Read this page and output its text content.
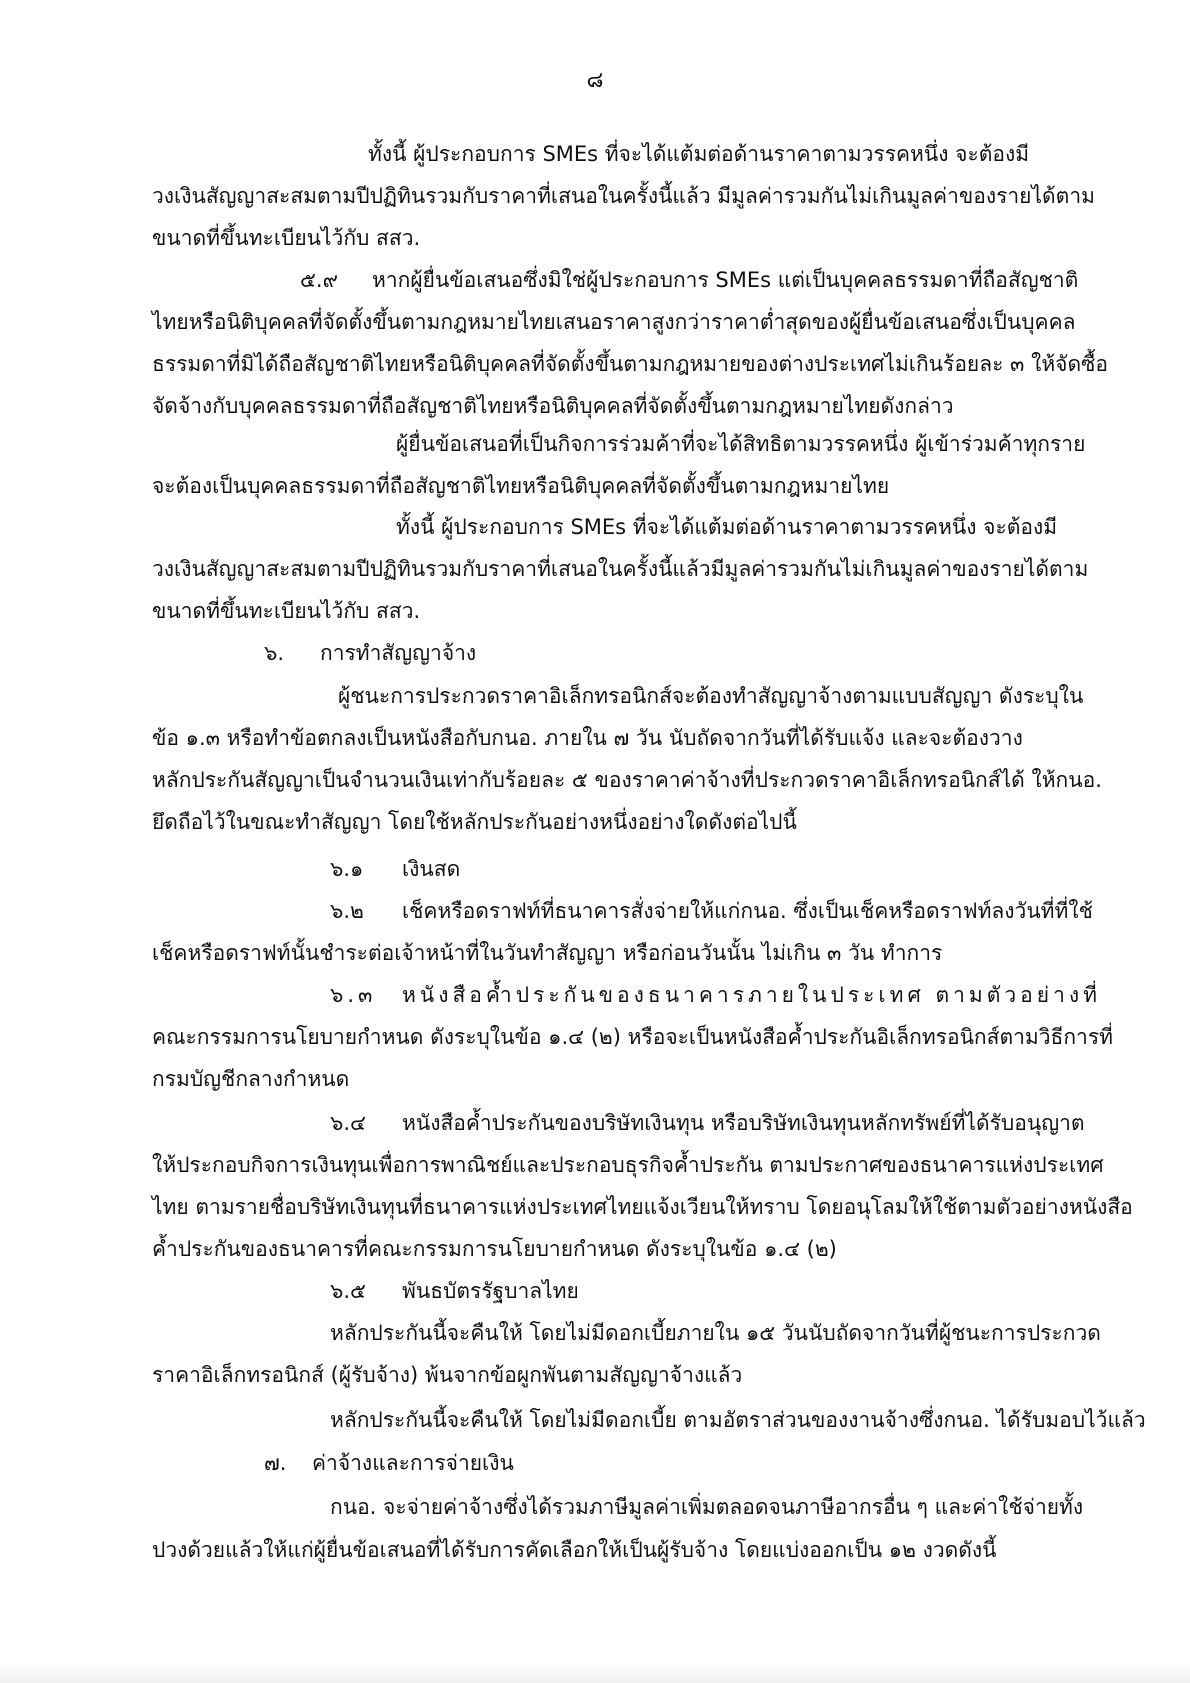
๘
ทั้งนี้ ผู้ประกอบการ SMEs ที่จะได้แต้มต่อด้านราคาตามวรรคหนึ่ง จะต้องมี
วงเงินสัญญาสะสมตามปีปฏิทินรวมกับราคาที่เสนอในครั้งนี้แล้ว มีมูลค่ารวมกันไม่เกินมูลค่าของรายได้ตาม
ขนาดที่ขึ้นทะเบียนไว้กับ สสว.
๕.๙ หากผู้ยื่นข้อเสนอซึ่งมิใช่ผู้ประกอบการ SMEs แต่เป็นบุคคลธรรมดาที่ถือสัญชาติ
ไทยหรือนิติบุคคลที่จัดตั้งขึ้นตามกฎหมายไทยเสนอราคาสูงกว่าราคาต่ำสุดของผู้ยื่นข้อเสนอซึ่งเป็นบุคคล
ธรรมดาที่มิได้ถือสัญชาติไทยหรือนิติบุคคลที่จัดตั้งขึ้นตามกฎหมายของต่างประเทศไม่เกินร้อยละ ๓ ให้จัดซื้อ
จัดจ้างกับบุคคลธรรมดาที่ถือสัญชาติไทยหรือนิติบุคคลที่จัดตั้งขึ้นตามกฎหมายไทยดังกล่าว
ผู้ยื่นข้อเสนอที่เป็นกิจการร่วมค้าที่จะได้สิทธิตามวรรคหนึ่ง ผู้เข้าร่วมค้าทุกราย
จะต้องเป็นบุคคลธรรมดาที่ถือสัญชาติไทยหรือนิติบุคคลที่จัดตั้งขึ้นตามกฎหมายไทย
ทั้งนี้ ผู้ประกอบการ SMEs ที่จะได้แต้มต่อด้านราคาตามวรรคหนึ่ง จะต้องมี
วงเงินสัญญาสะสมตามปีปฏิทินรวมกับราคาที่เสนอในครั้งนี้แล้วมีมูลค่ารวมกันไม่เกินมูลค่าของรายได้ตาม
ขนาดที่ขึ้นทะเบียนไว้กับ สสว.
๖. การทำสัญญาจ้าง
ผู้ชนะการประกวดราคาอิเล็กทรอนิกส์จะต้องทำสัญญาจ้างตามแบบสัญญา ดังระบุใน
ข้อ ๑.๓ หรือทำข้อตกลงเป็นหนังสือกับกนอ. ภายใน ๗ วัน นับถัดจากวันที่ได้รับแจ้ง และจะต้องวาง
หลักประกันสัญญาเป็นจำนวนเงินเท่ากับร้อยละ ๕ ของราคาค่าจ้างที่ประกวดราคาอิเล็กทรอนิกส์ได้ ให้กนอ.
ยึดถือไว้ในขณะทำสัญญา โดยใช้หลักประกันอย่างหนึ่งอย่างใดดังต่อไปนี้
๖.๑ เงินสด
๖.๒ เช็คหรือดราฟท์ที่ธนาคารสั่งจ่ายให้แก่กนอ. ซึ่งเป็นเช็คหรือดราฟท์ลงวันที่ที่ใช้
เช็คหรือดราฟท์นั้นชำระต่อเจ้าหน้าที่ในวันทำสัญญา หรือก่อนวันนั้น ไม่เกิน ๓ วัน ทำการ
๖.๓ หนังสือค้ำประกันของธนาคารภายในประเทศ ตามตัวอย่างที่
คณะกรรมการนโยบายกำหนด ดังระบุในข้อ ๑.๔ (๒) หรือจะเป็นหนังสือค้ำประกันอิเล็กทรอนิกส์ตามวิธีการที่
กรมบัญชีกลางกำหนด
๖.๔ หนังสือค้ำประกันของบริษัทเงินทุน หรือบริษัทเงินทุนหลักทรัพย์ที่ได้รับอนุญาต
ให้ประกอบกิจการเงินทุนเพื่อการพาณิชย์และประกอบธุรกิจค้ำประกัน ตามประกาศของธนาคารแห่งประเทศ
ไทย ตามรายชื่อบริษัทเงินทุนที่ธนาคารแห่งประเทศไทยแจ้งเวียนให้ทราบ โดยอนุโลมให้ใช้ตามตัวอย่างหนังสือ
ค้ำประกันของธนาคารที่คณะกรรมการนโยบายกำหนด ดังระบุในข้อ ๑.๔ (๒)
๖.๕ พันธบัตรรัฐบาลไทย
หลักประกันนี้จะคืนให้ โดยไม่มีดอกเบี้ยภายใน ๑๕ วันนับถัดจากวันที่ผู้ชนะการประกวด
ราคาอิเล็กทรอนิกส์ (ผู้รับจ้าง) พ้นจากข้อผูกพันตามสัญญาจ้างแล้ว
หลักประกันนี้จะคืนให้ โดยไม่มีดอกเบี้ย ตามอัตราส่วนของงานจ้างซึ่งกนอ. ได้รับมอบไว้แล้ว
๗. ค่าจ้างและการจ่ายเงิน
กนอ. จะจ่ายค่าจ้างซึ่งได้รวมภาษีมูลค่าเพิ่มตลอดจนภาษีอากรอื่น ๆ และค่าใช้จ่ายทั้ง
ปวงด้วยแล้วให้แก่ผู้ยื่นข้อเสนอที่ได้รับการคัดเลือกให้เป็นผู้รับจ้าง โดยแบ่งออกเป็น ๑๒ งวดดังนี้
